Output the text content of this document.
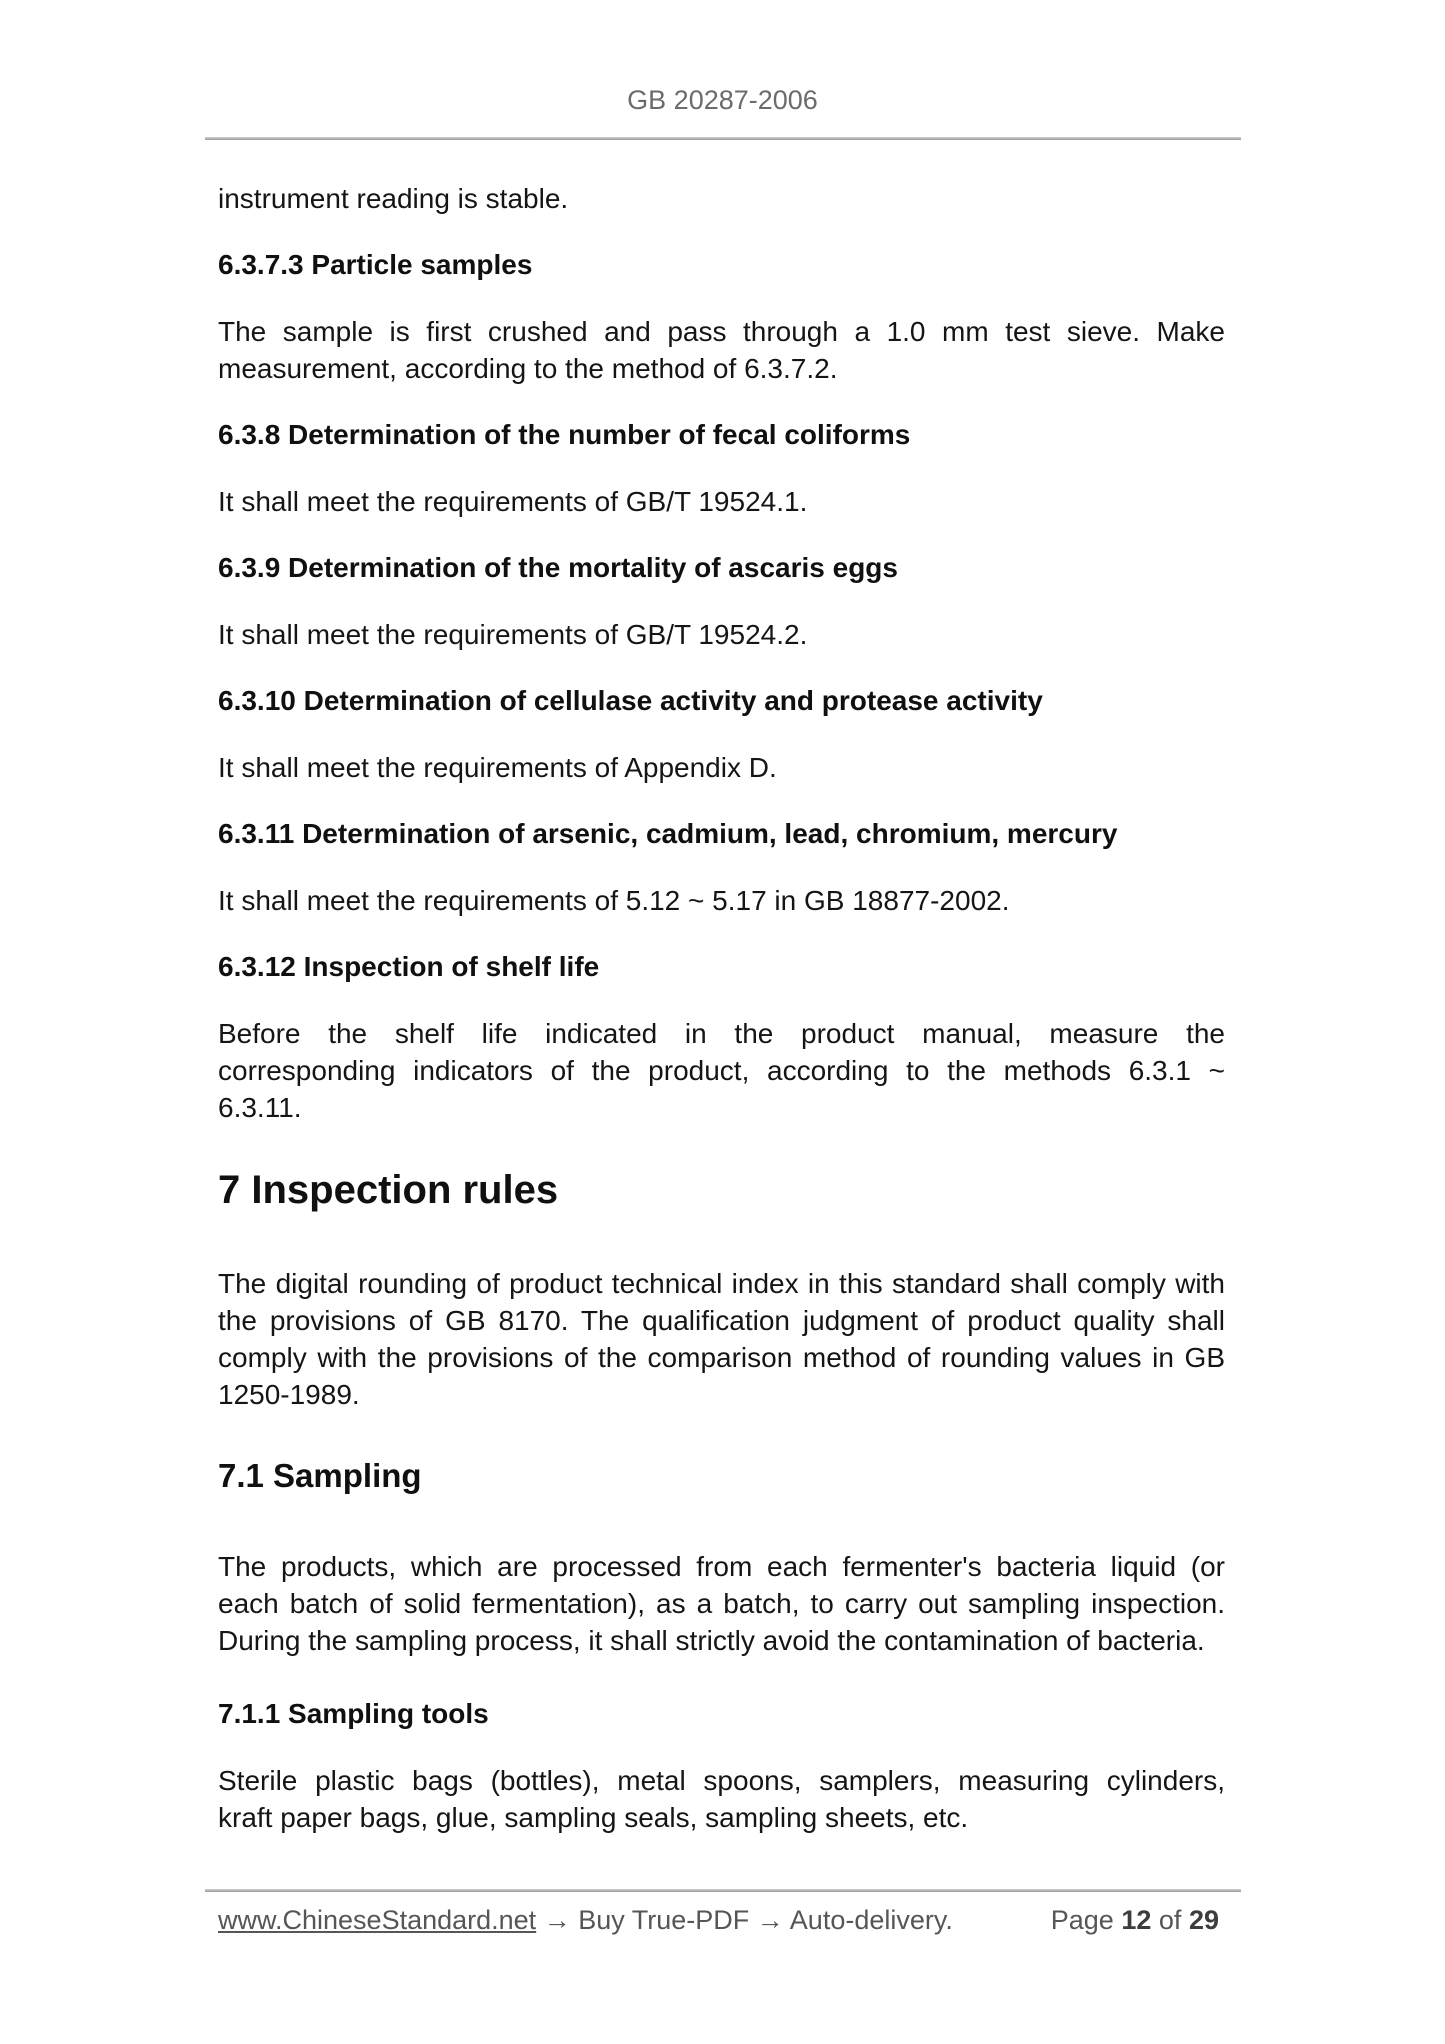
GB 20287-2006
instrument reading is stable.
6.3.7.3 Particle samples
The sample is first crushed and pass through a 1.0 mm test sieve. Make
measurement, according to the method of 6.3.7.2.
6.3.8 Determination of the number of fecal coliforms
It shall meet the requirements of GB/T 19524.1.
6.3.9 Determination of the mortality of ascaris eggs
It shall meet the requirements of GB/T 19524.2.
6.3.10 Determination of cellulase activity and protease activity
It shall meet the requirements of Appendix D.
6.3.11 Determination of arsenic, cadmium, lead, chromium, mercury
It shall meet the requirements of 5.12 ~ 5.17 in GB 18877-2002.
6.3.12 Inspection of shelf life
Before the shelf life indicated in the product manual, measure the
corresponding indicators of the product, according to the methods 6.3.1 ~
6.3.11.
7 Inspection rules
The digital rounding of product technical index in this standard shall comply with
the provisions of GB 8170. The qualification judgment of product quality shall
comply with the provisions of the comparison method of rounding values in GB
1250-1989.
7.1 Sampling
The products, which are processed from each fermenter's bacteria liquid (or
each batch of solid fermentation), as a batch, to carry out sampling inspection.
During the sampling process, it shall strictly avoid the contamination of bacteria.
7.1.1 Sampling tools
Sterile plastic bags (bottles), metal spoons, samplers, measuring cylinders,
kraft paper bags, glue, sampling seals, sampling sheets, etc.
www.ChineseStandard.net → Buy True-PDF → Auto-delivery.	Page 12 of 29
